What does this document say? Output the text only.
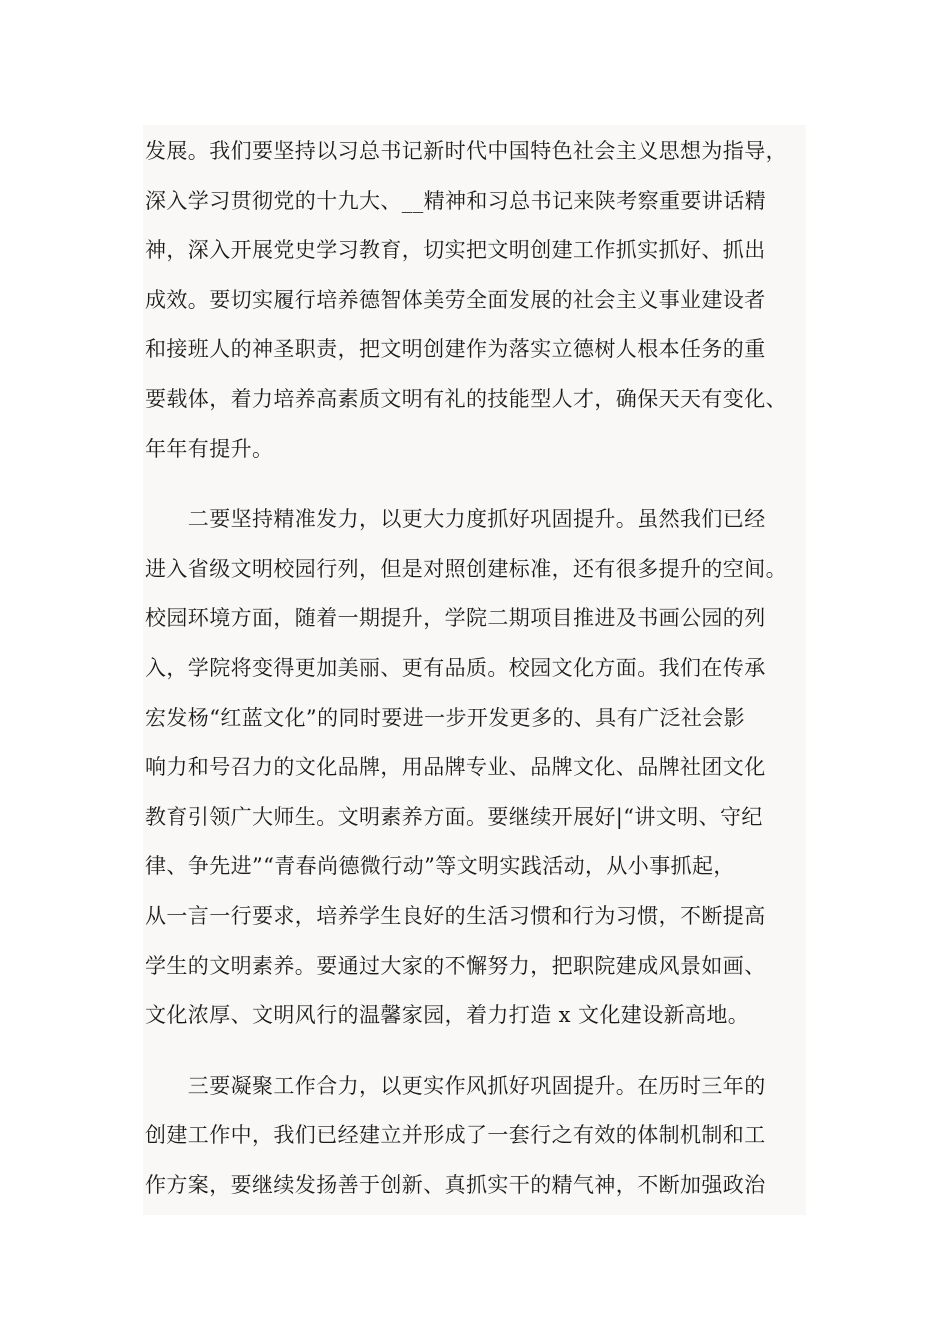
发展。我们要坚持以习总书记新时代中国特色社会主义思想为指导，

深入学习贯彻党的十九大、__精神和习总书记来陕考察重要讲话精

神，深入开展党史学习教育，切实把文明创建工作抓实抓好、抓出

成效。要切实履行培养德智体美劳全面发展的社会主义事业建设者

和接班人的神圣职责，把文明创建作为落实立德树人根本任务的重

要载体，着力培养高素质文明有礼的技能型人才，确保天天有变化、

年年有提升。

　　二要坚持精准发力，以更大力度抓好巩固提升。虽然我们已经

进入省级文明校园行列，但是对照创建标准，还有很多提升的空间。

校园环境方面，随着一期提升，学院二期项目推进及书画公园的列

入，学院将变得更加美丽、更有品质。校园文化方面。我们在传承

宏发杨“红蓝文化”的同时要进一步开发更多的、具有广泛社会影

响力和号召力的文化品牌，用品牌专业、品牌文化、品牌社团文化

教育引领广大师生。文明素养方面。要继续开展好|“讲文明、守纪

律、争先进”“青春尚德微行动”等文明实践活动，从小事抓起，

从一言一行要求，培养学生良好的生活习惯和行为习惯，不断提高

学生的文明素养。要通过大家的不懈努力，把职院建成风景如画、

文化浓厚、文明风行的温馨家园，着力打造 x 文化建设新高地。

　　三要凝聚工作合力，以更实作风抓好巩固提升。在历时三年的

创建工作中，我们已经建立并形成了一套行之有效的体制机制和工

作方案，要继续发扬善于创新、真抓实干的精气神，不断加强政治
